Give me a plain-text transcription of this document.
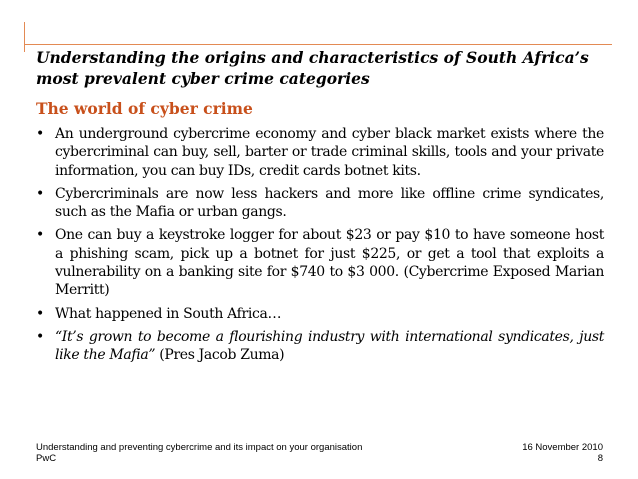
Understanding the origins and characteristics of South Africa’s most prevalent cyber crime categories
The world of cyber crime
• An underground cybercrime economy and cyber black market exists where the cybercriminal can buy, sell, barter or trade criminal skills, tools and your private information, you can buy IDs, credit cards botnet kits.
• Cybercriminals are now less hackers and more like offline crime syndicates, such as the Mafia or urban gangs.
• One can buy a keystroke logger for about $23 or pay $10 to have someone host a phishing scam, pick up a botnet for just $225, or get a tool that exploits a vulnerability on a banking site for $740 to $3 000. (Cybercrime Exposed Marian Merritt)
• What happened in South Africa…
• “It’s grown to become a flourishing industry with international syndicates, just like the Mafia” (Pres Jacob Zuma)
Understanding and preventing cybercrime and its impact on your organisation
PwC
16 November 2010
8
